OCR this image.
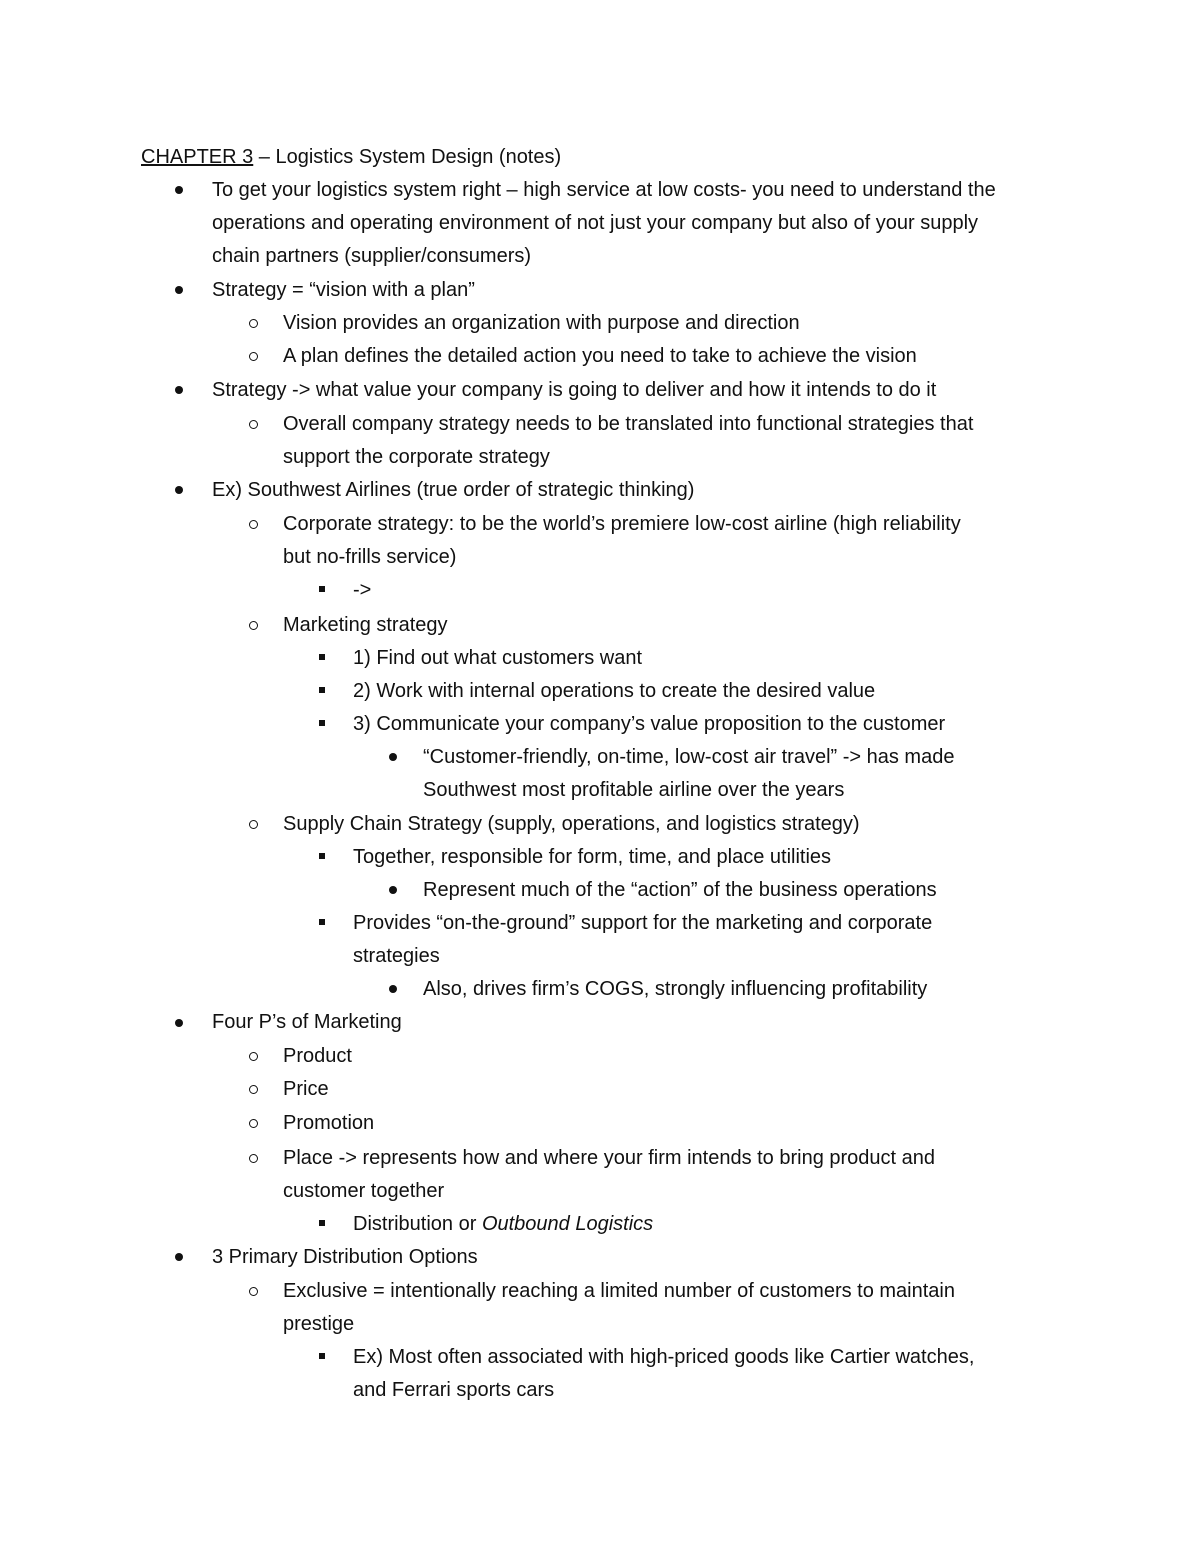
CHAPTER 3 – Logistics System Design (notes)
To get your logistics system right – high service at low costs- you need to understand the
operations and operating environment of not just your company but also of your supply
chain partners (supplier/consumers)
Strategy = “vision with a plan”
Vision provides an organization with purpose and direction
A plan defines the detailed action you need to take to achieve the vision
Strategy -> what value your company is going to deliver and how it intends to do it
Overall company strategy needs to be translated into functional strategies that
support the corporate strategy
Ex) Southwest Airlines (true order of strategic thinking)
Corporate strategy: to be the world’s premiere low-cost airline (high reliability
but no-frills service)
->
Marketing strategy
1) Find out what customers want
2) Work with internal operations to create the desired value
3) Communicate your company’s value proposition to the customer
“Customer-friendly, on-time, low-cost air travel” -> has made
Southwest most profitable airline over the years
Supply Chain Strategy (supply, operations, and logistics strategy)
Together, responsible for form, time, and place utilities
Represent much of the “action” of the business operations
Provides “on-the-ground” support for the marketing and corporate
strategies
Also, drives firm’s COGS, strongly influencing profitability
Four P’s of Marketing
Product
Price
Promotion
Place -> represents how and where your firm intends to bring product and
customer together
Distribution or Outbound Logistics
3 Primary Distribution Options
Exclusive = intentionally reaching a limited number of customers to maintain
prestige
Ex) Most often associated with high-priced goods like Cartier watches,
and Ferrari sports cars
